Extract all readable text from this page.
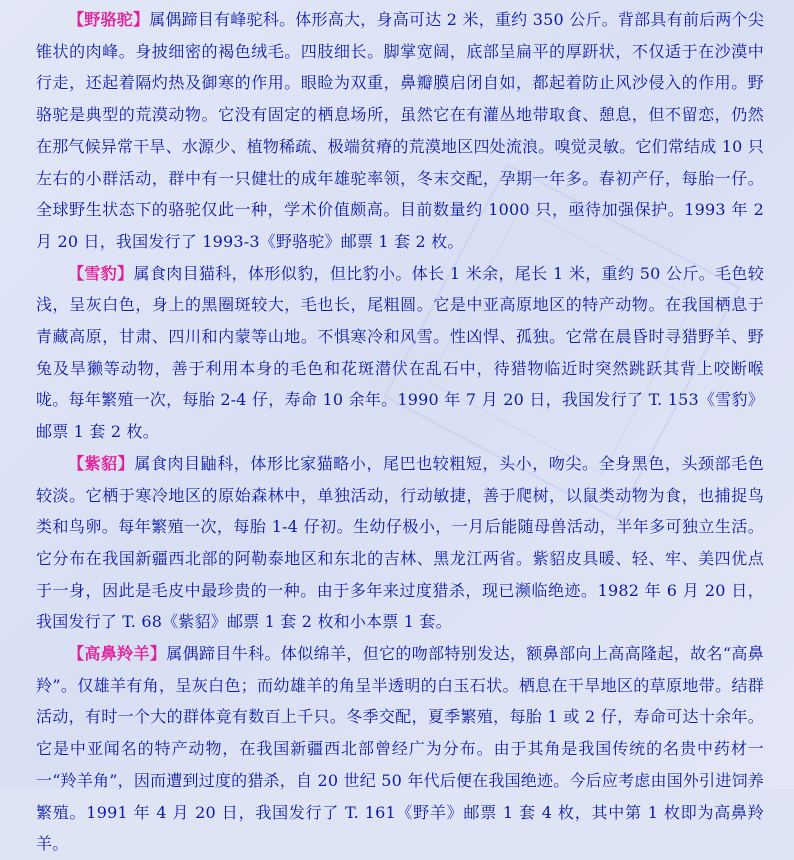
【野骆驼】属偶蹄目有峰驼科。体形高大，身高可达 2 米，重约 350 公斤。背部具有前后两个尖锥状的肉峰。身披细密的褐色绒毛。四肢细长。脚掌宽阔，底部呈扁平的厚趼状，不仅适于在沙漠中行走，还起着隔灼热及御寒的作用。眼睑为双重，鼻瓣膜启闭自如，都起着防止风沙侵入的作用。野骆驼是典型的荒漠动物。它没有固定的栖息场所，虽然它在有灌丛地带取食、憩息，但不留恋，仍然在那气候异常干旱、水源少、植物稀疏、极端贫瘠的荒漠地区四处流浪。嗅觉灵敏。它们常结成 10 只左右的小群活动，群中有一只健壮的成年雄驼率领，冬末交配，孕期一年多。春初产仔，每胎一仔。全球野生状态下的骆驼仅此一种，学术价值颇高。目前数量约 1000 只，亟待加强保护。1993 年 2 月 20 日，我国发行了 1993-3《野骆驼》邮票 1 套 2 枚。

【雪豹】属食肉目猫科，体形似豹，但比豹小。体长 1 米余，尾长 1 米，重约 50 公斤。毛色较浅，呈灰白色，身上的黑圈斑较大，毛也长，尾粗圆。它是中亚高原地区的特产动物。在我国栖息于青藏高原，甘肃、四川和内蒙等山地。不惧寒冷和风雪。性凶悍、孤独。它常在晨昏时寻猎野羊、野兔及旱獭等动物，善于利用本身的毛色和花斑潜伏在乱石中，待猎物临近时突然跳跃其背上咬断喉咙。每年繁殖一次，每胎 2-4 仔，寿命 10 余年。1990 年 7 月 20 日，我国发行了 T. 153《雪豹》邮票 1 套 2 枚。

【紫貂】属食肉目鼬科，体形比家猫略小，尾巴也较粗短，头小，吻尖。全身黑色，头颈部毛色较淡。它栖于寒冷地区的原始森林中，单独活动，行动敏捷，善于爬树，以鼠类动物为食，也捕捉鸟类和鸟卵。每年繁殖一次，每胎 1-4 仔初。生幼仔极小，一月后能随母兽活动，半年多可独立生活。它分布在我国新疆西北部的阿勒泰地区和东北的吉林、黑龙江两省。紫貂皮具暖、轻、牢、美四优点于一身，因此是毛皮中最珍贵的一种。由于多年来过度猎杀，现已濒临绝迹。1982 年 6 月 20 日，我国发行了 T. 68《紫貂》邮票 1 套 2 枚和小本票 1 套。

【高鼻羚羊】属偶蹄目牛科。体似绵羊，但它的吻部特别发达，额鼻部向上高高隆起，故名“高鼻羚”。仅雄羊有角，呈灰白色；而幼雄羊的角呈半透明的白玉石状。栖息在干旱地区的草原地带。结群活动，有时一个大的群体竟有数百上千只。冬季交配，夏季繁殖，每胎 1 或 2 仔，寿命可达十余年。它是中亚闻名的特产动物，在我国新疆西北部曾经广为分布。由于其角是我国传统的名贵中药材一一“羚羊角”，因而遭到过度的猎杀，自 20 世纪 50 年代后便在我国绝迹。今后应考虑由国外引进饲养繁殖。1991 年 4 月 20 日，我国发行了 T. 161《野羊》邮票 1 套 4 枚，其中第 1 枚即为高鼻羚羊。
